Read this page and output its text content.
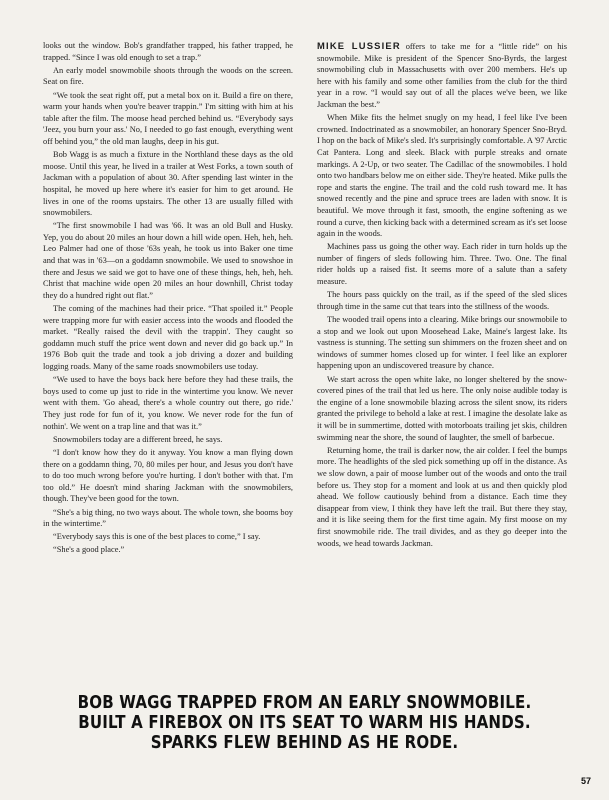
looks out the window. Bob's grandfather trapped, his father trapped, he trapped. “Since I was old enough to set a trap.”

An early model snowmobile shoots through the woods on the screen. Seat on fire.

“We took the seat right off, put a metal box on it. Build a fire on there, warm your hands when you're beaver trappin.” I'm sitting with him at his table after the film. The moose head perched behind us. “Everybody says 'Jeez, you burn your ass.' No, I needed to go fast enough, everything went off behind you,” the old man laughs, deep in his gut.

Bob Wagg is as much a fixture in the Northland these days as the old moose. Until this year, he lived in a trailer at West Forks, a town south of Jackman with a population of about 30. After spending last winter in the hospital, he moved up here where it's easier for him to get around. He lives in one of the rooms upstairs. The other 13 are usually filled with snowmobilers.

“The first snowmobile I had was '66. It was an old Bull and Husky. Yep, you do about 20 miles an hour down a hill wide open. Heh, heh, heh. Leo Palmer had one of those '63s yeah, he took us into Baker one time and that was in '63—on a goddamn snowmobile. We used to snowshoe in there and Jesus we said we got to have one of these things, heh, heh, heh. Christ that machine wide open 20 miles an hour downhill, Christ today they do a hundred right out flat.”

The coming of the machines had their price. “That spoiled it.” People were trapping more fur with easier access into the woods and flooded the market. “Really raised the devil with the trappin'. They caught so goddamn much stuff the price went down and never did go back up.” In 1976 Bob quit the trade and took a job driving a dozer and building logging roads. Many of the same roads snowmobilers use today.

“We used to have the boys back here before they had these trails, the boys used to come up just to ride in the wintertime you know. We never went with them. 'Go ahead, there's a whole country out there, go ride.' They just rode for fun of it, you know. We never rode for the fun of nothin'. We went on a trap line and that was it.”

Snowmobilers today are a different breed, he says.

“I don't know how they do it anyway. You know a man flying down there on a goddamn thing, 70, 80 miles per hour, and Jesus you don't have to do too much wrong before you're hurting. I don't bother with that. I'm too old.” He doesn't mind sharing Jackman with the snowmobilers, though. They've been good for the town.

“She's a big thing, no two ways about. The whole town, she booms boy in the wintertime.”

“Everybody says this is one of the best places to come,” I say.

“She's a good place.”

MIKE LUSSIER offers to take me for a “little ride” on his snowmobile. Mike is president of the Spencer Sno-Byrds, the largest snowmobiling club in Massachusetts with over 200 members. He's up here with his family and some other families from the club for the third year in a row. “I would say out of all the places we've been, we like Jackman the best.”

When Mike fits the helmet snugly on my head, I feel like I've been crowned. Indoctrinated as a snowmobiler, an honorary Spencer Sno-Bryd. I hop on the back of Mike's sled. It's surprisingly comfortable. A '97 Arctic Cat Pantera. Long and sleek. Black with purple streaks and ornate markings. A 2-Up, or two seater. The Cadillac of the snowmobiles. I hold onto two handbars below me on either side. They're heated. Mike pulls the rope and starts the engine. The trail and the cold rush toward me. It has snowed recently and the pine and spruce trees are laden with snow. It is beautiful. We move through it fast, smooth, the engine softening as we round a curve, then kicking back with a determined scream as it's set loose again in the woods.

Machines pass us going the other way. Each rider in turn holds up the number of fingers of sleds following him. Three. Two. One. The final rider holds up a raised fist. It seems more of a salute than a safety measure.

The hours pass quickly on the trail, as if the speed of the sled slices through time in the same cut that tears into the stillness of the woods.

The wooded trail opens into a clearing. Mike brings our snowmobile to a stop and we look out upon Moosehead Lake, Maine's largest lake. Its vastness is stunning. The setting sun shimmers on the frozen sheet and on windows of summer homes closed up for winter. I feel like an explorer happening upon an undiscovered treasure by chance.

We start across the open white lake, no longer sheltered by the snow-covered pines of the trail that led us here. The only noise audible today is the engine of a lone snowmobile blazing across the silent snow, its riders granted the privilege to behold a lake at rest. I imagine the desolate lake as it will be in summertime, dotted with motorboats trailing jet skis, children swimming near the shore, the sound of laughter, the smell of barbecue.

Returning home, the trail is darker now, the air colder. I feel the bumps more. The headlights of the sled pick something up off in the distance. As we slow down, a pair of moose lumber out of the woods and onto the trail before us. They stop for a moment and look at us and then quickly plod ahead. We follow cautiously behind from a distance. Each time they disappear from view, I think they have left the trail. But there they stay, and it is like seeing them for the first time again. My first moose on my first snowmobile ride. The trail divides, and as they go deeper into the woods, we head towards Jackman.

BOB WAGG TRAPPED FROM AN EARLY SNOWMOBILE. BUILT A FIREBOX ON ITS SEAT TO WARM HIS HANDS. SPARKS FLEW BEHIND AS HE RODE.
57
